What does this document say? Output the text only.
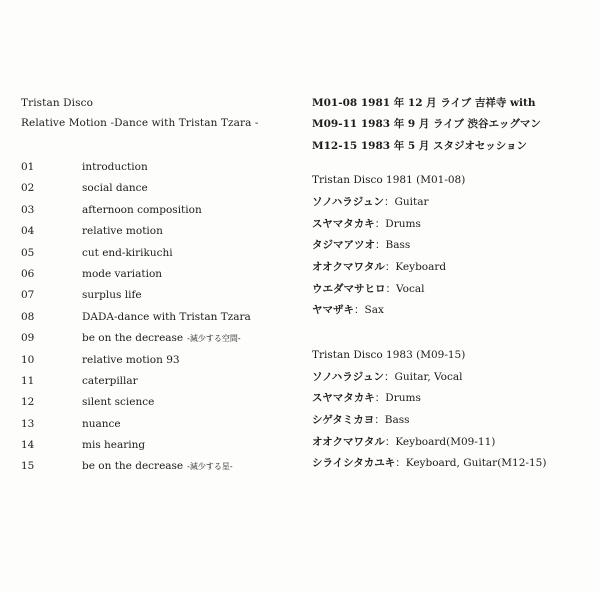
Tristan Disco
Relative Motion -Dance with Tristan Tzara -
01	introduction
02	social dance
03	afternoon composition
04	relative motion
05	cut end-kirikuchi
06	mode variation
07	surplus life
08	DADA-dance with Tristan Tzara
09	be on the decrease -減少する空間-
10	relative motion 93
11	caterpillar
12	silent science
13	nuance
14	mis hearing
15	be on the decrease -減少する星-
M01-08 1981 年 12 月 ライブ 吉祥寺 with
M09-11 1983 年 9 月 ライブ 渋谷エッグマン
M12-15 1983 年 5 月 スタジオセッション
Tristan Disco 1981 (M01-08)
ソノハラジュン：Guitar
スヤマタカキ：Drums
タジマアツオ：Bass
オオクマワタル：Keyboard
ウエダマサヒロ：Vocal
ヤマザキ：Sax
Tristan Disco 1983 (M09-15)
ソノハラジュン：Guitar, Vocal
スヤマタカキ：Drums
シゲタミカヨ：Bass
オオクマワタル：Keyboard(M09-11)
シライシタカユキ：Keyboard, Guitar(M12-15)
